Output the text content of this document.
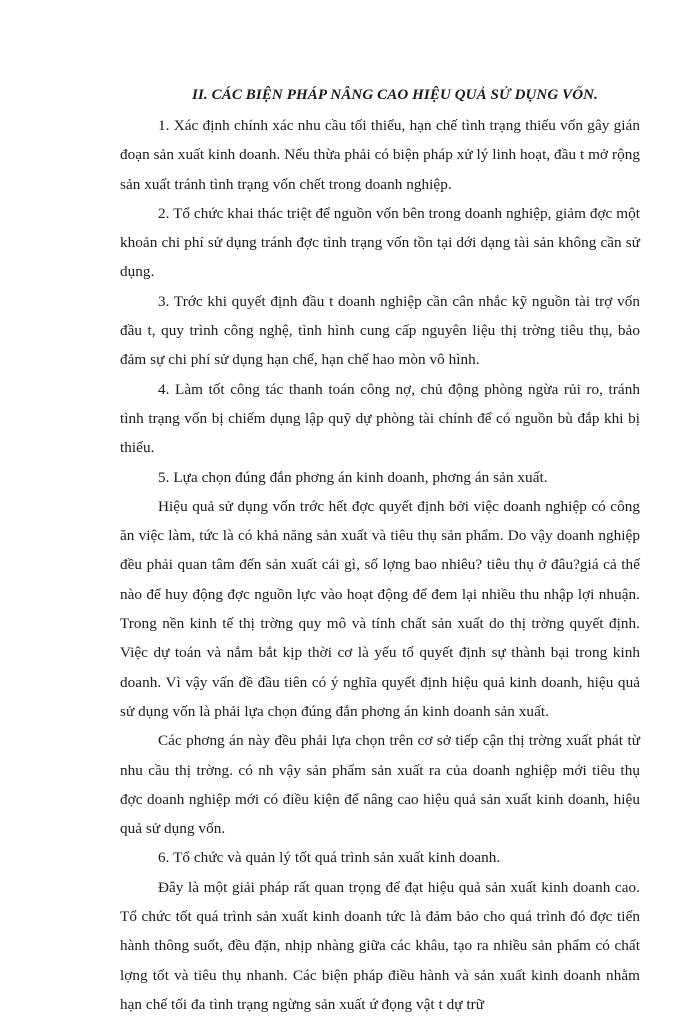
II. CÁC BIỆN PHÁP NÂNG CAO HIỆU QUẢ SỬ DỤNG VỐN.

1. Xác định chính xác nhu cầu tối thiểu, hạn chế tình trạng thiếu vốn gây gián đoạn sản xuất kinh doanh. Nếu thừa phải có biện pháp xử lý linh hoạt, đầu t mở rộng sản xuất tránh tình trạng vốn chết trong doanh nghiệp.

2. Tổ chức khai thác triệt để nguồn vốn bên trong doanh nghiệp, giảm đợc một khoản chi phí sử dụng tránh đợc tình trạng vốn tồn tại dới dạng tài sản không cần sử dụng.

3. Trớc khi quyết định đầu t doanh nghiệp cần cân nhắc kỹ nguồn tài trợ vốn đầu t, quy trình công nghệ, tình hình cung cấp nguyên liệu thị trờng tiêu thụ, bảo đảm sự chi phí sử dụng hạn chế, hạn chế hao mòn vô hình.

4. Làm tốt công tác thanh toán công nợ, chủ động phòng ngừa rủi ro, tránh tình trạng vốn bị chiếm dụng lập quỹ dự phòng tài chính để có nguồn bù đắp khi bị thiếu.

5. Lựa chọn đúng đắn phơng án kinh doanh, phơng án sản xuất.

Hiệu quả sử dụng vốn trớc hết đợc quyết định bởi việc doanh nghiệp có công ăn việc làm, tức là có khả năng sản xuất và tiêu thụ sản phẩm. Do vậy doanh nghiệp đều phải quan tâm đến sản xuất cái gì, số lợng bao nhiêu? tiêu thụ ở đâu?giá cả thế nào để huy động đợc nguồn lực vào hoạt động để đem lại nhiều thu nhập lợi nhuận. Trong nền kinh tế thị trờng quy mô và tính chất sản xuất do thị trờng quyết định. Việc dự toán và nắm bắt kịp thời cơ là yếu tố quyết định sự thành bại trong kinh doanh. Vì vậy vấn đề đầu tiên có ý nghĩa quyết định hiệu quả kinh doanh, hiệu quả sử dụng vốn là phải lựa chọn đúng đắn phơng án kinh doanh sản xuất.

Các phơng án này đều phải lựa chọn trên cơ sở tiếp cận thị trờng xuất phát từ nhu cầu thị trờng. có nh vậy sản phẩm sản xuất ra của doanh nghiệp mới tiêu thụ đợc doanh nghiệp mới có điều kiện để nâng cao hiệu quả sản xuất kinh doanh, hiệu quả sử dụng vốn.

6. Tổ chức và quản lý tốt quá trình sản xuất kinh doanh.

Đây là một giải pháp rất quan trọng để đạt hiệu quả sản xuất kinh doanh cao. Tổ chức tốt quá trình sản xuất kinh doanh tức là đảm bảo cho quá trình đó đợc tiến hành thông suốt, đều đặn, nhịp nhàng giữa các khâu, tạo ra nhiều sản phẩm có chất lợng tốt và tiêu thụ nhanh. Các biện pháp điều hành và sản xuất kinh doanh nhằm hạn chế tối đa tình trạng ngừng sản xuất ứ đọng vật t dự trữ
